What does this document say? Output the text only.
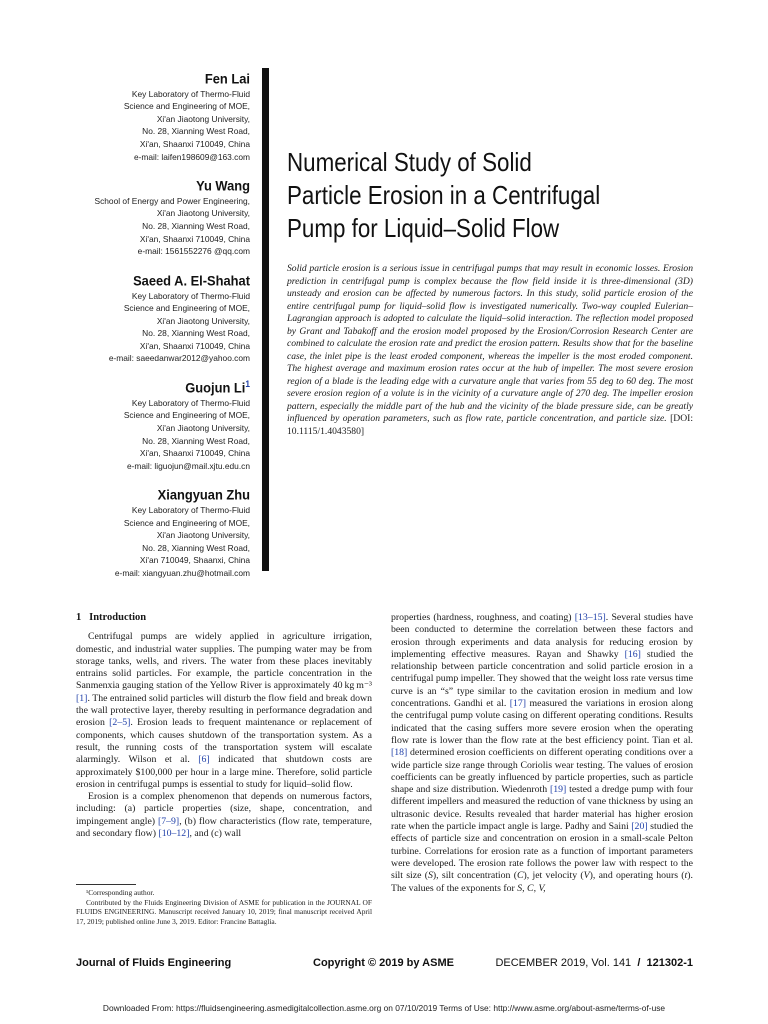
Fen Lai
Key Laboratory of Thermo-Fluid
Science and Engineering of MOE,
Xi'an Jiaotong University,
No. 28, Xianning West Road,
Xi'an, Shaanxi 710049, China
e-mail: laifen198609@163.com
Yu Wang
School of Energy and Power Engineering,
Xi'an Jiaotong University,
No. 28, Xianning West Road,
Xi'an, Shaanxi 710049, China
e-mail: 1561552276 @qq.com
Saeed A. El-Shahat
Key Laboratory of Thermo-Fluid
Science and Engineering of MOE,
Xi'an Jiaotong University,
No. 28, Xianning West Road,
Xi'an, Shaanxi 710049, China
e-mail: saeedanwar2012@yahoo.com
Guojun Li$^1$
Key Laboratory of Thermo-Fluid
Science and Engineering of MOE,
Xi'an Jiaotong University,
No. 28, Xianning West Road,
Xi'an, Shaanxi 710049, China
e-mail: liguojun@mail.xjtu.edu.cn
Xiangyuan Zhu
Key Laboratory of Thermo-Fluid
Science and Engineering of MOE,
Xi'an Jiaotong University,
No. 28, Xianning West Road,
Xi'an 710049, Shaanxi, China
e-mail: xiangyuan.zhu@hotmail.com
Numerical Study of Solid
Particle Erosion in a Centrifugal
Pump for Liquid–Solid Flow
Solid particle erosion is a serious issue in centrifugal pumps that may result in economic losses. Erosion prediction in centrifugal pump is complex because the flow field inside it is three-dimensional (3D) unsteady and erosion can be affected by numerous factors. In this study, solid particle erosion of the entire centrifugal pump for liquid–solid flow is investigated numerically. Two-way coupled Eulerian–Lagrangian approach is adopted to calculate the liquid–solid interaction. The reflection model proposed by Grant and Tabakoff and the erosion model proposed by the Erosion/Corrosion Research Center are combined to calculate the erosion rate and predict the erosion pattern. Results show that for the baseline case, the inlet pipe is the least eroded component, whereas the impeller is the most eroded component. The highest average and maximum erosion rates occur at the hub of impeller. The most severe erosion region of a blade is the leading edge with a curvature angle that varies from 55 deg to 60 deg. The most severe erosion region of a volute is in the vicinity of a curvature angle of 270 deg. The impeller erosion pattern, especially the middle part of the hub and the vicinity of the blade pressure side, can be greatly influenced by operation parameters, such as flow rate, particle concentration, and particle size. [DOI: 10.1115/1.4043580]
1 Introduction

Centrifugal pumps are widely applied in agriculture irrigation, domestic, and industrial water supplies. The pumping water may be from storage tanks, wells, and rivers. The water from these places inevitably entrains solid particles. For example, the particle concentration in the Sanmenxia gauging station of the Yellow River is approximately 40 kg m⁻³ [1]. The entrained solid particles will disturb the flow field and break down the wall protective layer, thereby resulting in performance degradation and erosion [2–5]. Erosion leads to frequent maintenance or replacement of components, which causes shutdown of the transportation system. As a result, the running costs of the transportation system will escalate alarmingly. Wilson et al. [6] indicated that shutdown costs are approximately $100,000 per hour in a large mine. Therefore, solid particle erosion in centrifugal pumps is essential to study for liquid–solid flow.

Erosion is a complex phenomenon that depends on numerous factors, including: (a) particle properties (size, shape, concentration, and impingement angle) [7–9], (b) flow characteristics (flow rate, temperature, and secondary flow) [10–12], and (c) wall

properties (hardness, roughness, and coating) [13–15]. Several studies have been conducted to determine the correlation between these factors and erosion through experiments and data analysis for reducing erosion by implementing effective measures. Rayan and Shawky [16] studied the relationship between particle concentration and solid particle erosion in a centrifugal pump impeller. They showed that the weight loss rate versus time curve is an “s” type similar to the cavitation erosion in medium and low concentrations. Gandhi et al. [17] measured the variations in erosion along the centrifugal pump volute casing on different operating conditions. Results indicated that the casing suffers more severe erosion when the operating flow rate is lower than the flow rate at the best efficiency point. Tian et al. [18] determined erosion coefficients on different operating conditions over a wide particle size range through Coriolis wear testing. The values of erosion coefficients can be greatly influenced by particle properties, such as particle shape and size distribution. Wiedenroth [19] tested a dredge pump with four different impellers and measured the reduction of vane thickness by using an ultrasonic device. Results revealed that harder material has higher erosion rate when the particle impact angle is large. Padhy and Saini [20] studied the effects of particle size and concentration on erosion in a small-scale Pelton turbine. Correlations for erosion rate as a function of important parameters were developed. The erosion rate follows the power law with respect to the silt size (S), silt concentration (C), jet velocity (V), and operating hours (t). The values of the exponents for S, C, V,

¹Corresponding author.

Contributed by the Fluids Engineering Division of ASME for publication in the JOURNAL OF FLUIDS ENGINEERING. Manuscript received January 10, 2019; final manuscript received April 17, 2019; published online June 3, 2019. Editor: Francine Battaglia.

Journal of Fluids Engineering	Copyright © 2019 by ASME	DECEMBER 2019, Vol. 141 / 121302-1
Downloaded From: https://fluidsengineering.asmedigitalcollection.asme.org on 07/10/2019 Terms of Use: http://www.asme.org/about-asme/terms-of-use
